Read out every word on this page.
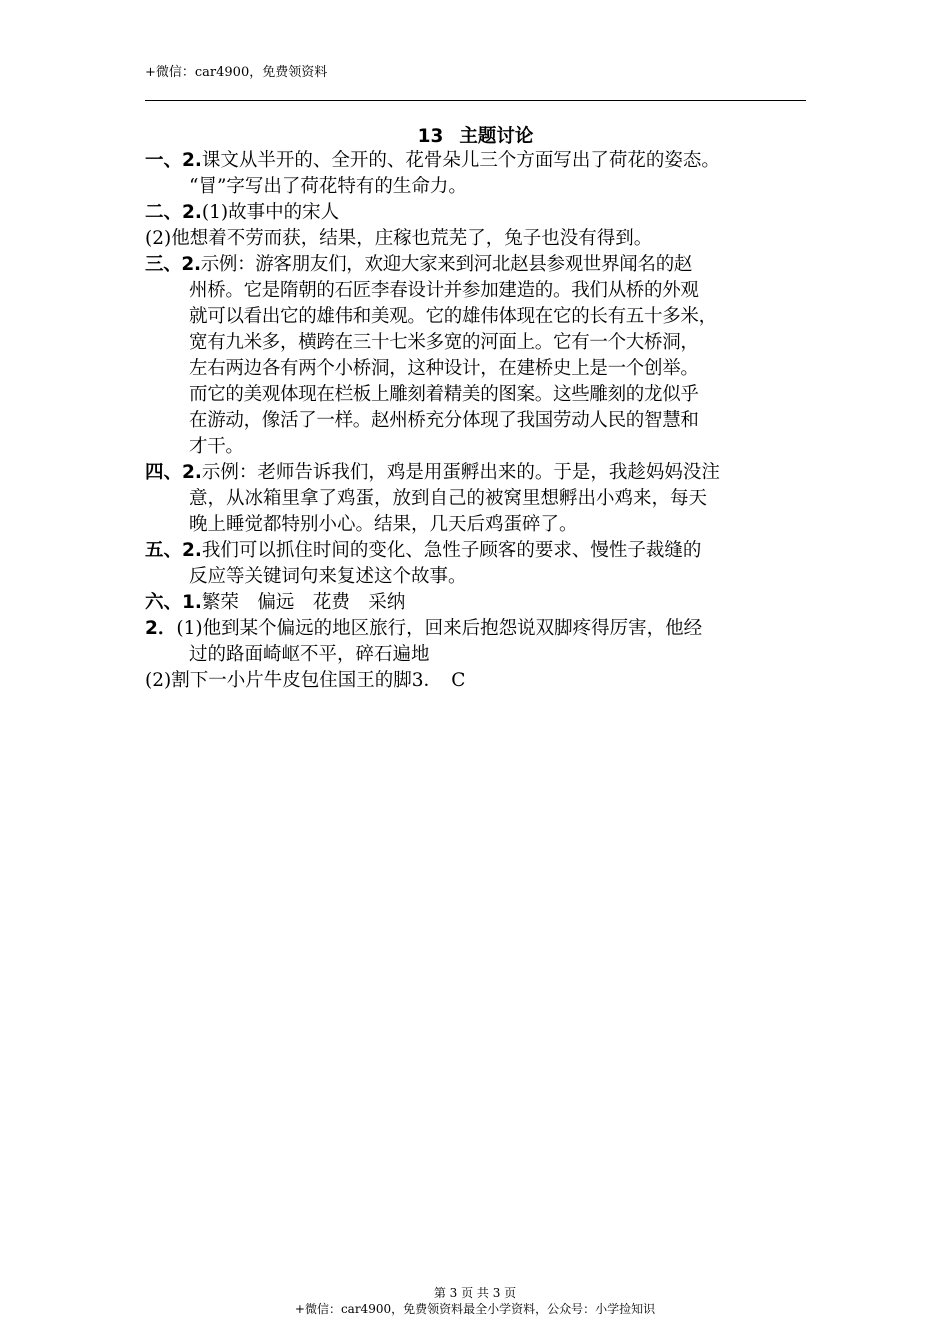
+微信：car4900，免费领资料
13 主题讨论
一、2.课文从半开的、全开的、花骨朵儿三个方面写出了荷花的姿态。
“冒”字写出了荷花特有的生命力。
二、2.(1)故事中的宋人
(2)他想着不劳而获，结果，庄稼也荒芜了，兔子也没有得到。
三、2.示例：游客朋友们，欢迎大家来到河北赵县参观世界闻名的赵
州桥。它是隋朝的石匠李春设计并参加建造的。我们从桥的外观
就可以看出它的雄伟和美观。它的雄伟体现在它的长有五十多米，
宽有九米多，横跨在三十七米多宽的河面上。它有一个大桥洞，
左右两边各有两个小桥洞，这种设计，在建桥史上是一个创举。
而它的美观体现在栏板上雕刻着精美的图案。这些雕刻的龙似乎
在游动，像活了一样。赵州桥充分体现了我国劳动人民的智慧和
才干。
四、2.示例：老师告诉我们，鸡是用蛋孵出来的。于是，我趁妈妈没注
意，从冰箱里拿了鸡蛋，放到自己的被窝里想孵出小鸡来，每天
晚上睡觉都特别小心。结果，几天后鸡蛋碎了。
五、2.我们可以抓住时间的变化、急性子顾客的要求、慢性子裁缝的
反应等关键词句来复述这个故事。
六、1.繁荣　偏远　花费　采纳
2．(1)他到某个偏远的地区旅行，回来后抱怨说双脚疼得厉害，他经
过的路面崎岖不平，碎石遍地
(2)割下一小片牛皮包住国王的脚3．　C
第 3 页 共 3 页
+微信：car4900，免费领资料最全小学资料，公众号：小学捡知识
